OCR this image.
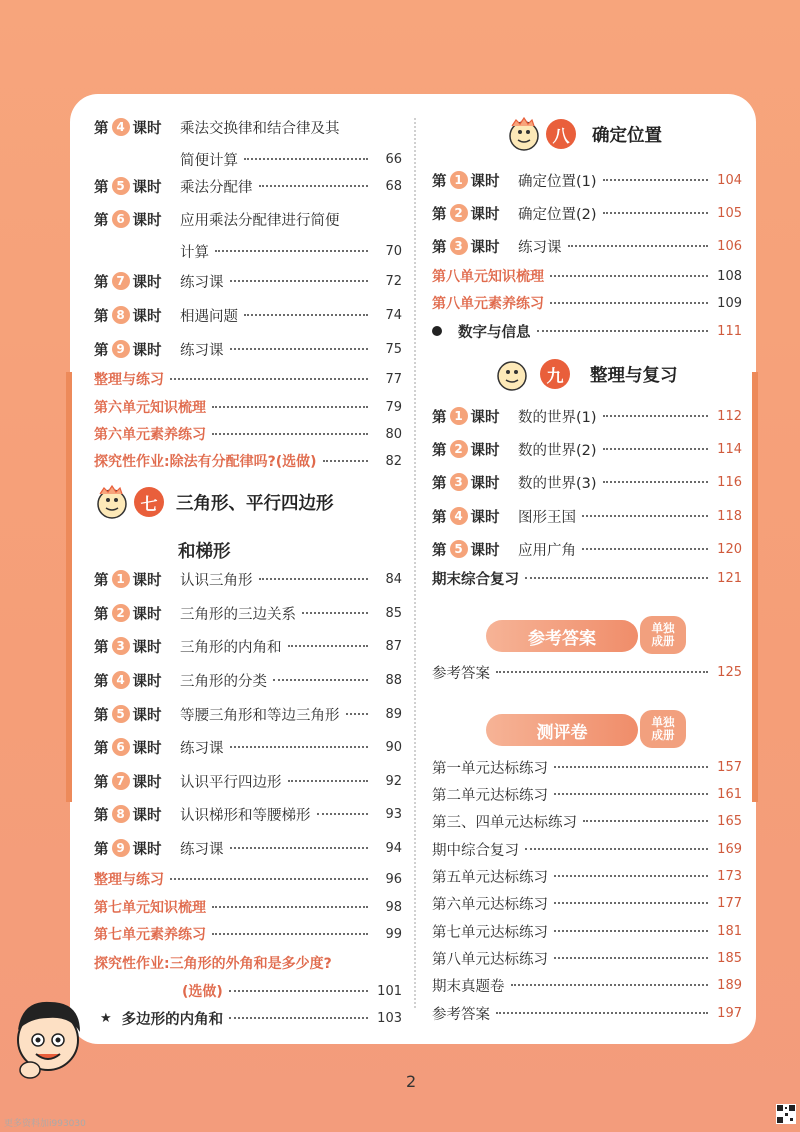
第 4 课时 乘法交换律和结合律及其
简便计算	66
第 5 课时 乘法分配律	68
第 6 课时 应用乘法分配律进行简便
计算	70
第 7 课时 练习课	72
第 8 课时 相遇问题	74
第 9 课时 练习课	75
整理与练习	77
第六单元知识梳理	79
第六单元素养练习	80
探究性作业:除法有分配律吗?(选做)	82
第 1 课时 认识三角形	84
第 2 课时 三角形的三边关系	85
第 3 课时 三角形的内角和	87
第 4 课时 三角形的分类	88
第 5 课时 等腰三角形和等边三角形	89
第 6 课时 练习课	90
第 7 课时 认识平行四边形	92
第 8 课时 认识梯形和等腰梯形	93
第 9 课时 练习课	94
整理与练习	96
第七单元知识梳理	98
第七单元素养练习	99
探究性作业:三角形的外角和是多少度?
(选做)	101
★ 多边形的内角和	103
第 1 课时 确定位置(1)	104
第 2 课时 确定位置(2)	105
第 3 课时 练习课	106
第八单元知识梳理	108
第八单元素养练习	109
数字与信息	111
第 1 课时 数的世界(1)	112
第 2 课时 数的世界(2)	114
第 3 课时 数的世界(3)	116
第 4 课时 图形王国	118
第 5 课时 应用广角	120
期末综合复习	121
参考答案	125
第一单元达标练习	157
第二单元达标练习	161
第三、四单元达标练习	165
期中综合复习	169
第五单元达标练习	173
第六单元达标练习	177
第七单元达标练习	181
第八单元达标练习	185
期末真题卷	189
参考答案	197
七	三角形、平行四边形
和梯形
八	确定位置
九	整理与复习
参考答案
单独
成册
测评卷
单独
成册
2
更多资料加i993030
